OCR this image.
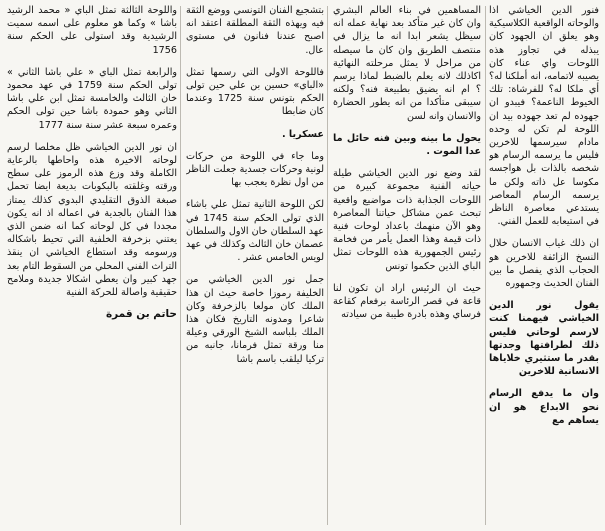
فنور الدين الخياشي اذا والوحاته الواقعية الكلاسيكية وهو يعلق ان الجهود كان يبذله في تجاوز هذه اللوحات واي عناء كان يصيبه لاتمامه، انه أملكنا له؟ أي ملكا له؟ للفرشاة: تلك الخيوط الناعمة؟ فيبدو ان جهوده لم تعد جهوده بيد ان اللوحة لم تكن له وحده مادام سيرسمها للاخرين فليس ما يرسمه الرسام هو شخصه بالذات بل هواجسه مكوسا عل ذاته ولكن ما يرسمه الرسام المعاصر يستدعي معاصرة الناظر في استيعابه للعمل الفني.

ان ذلك غياب الانسان خلال النسخ الزائفة للاخرين هو الحجاب الذي يفصل ما بين الفنان الحديث وجمهوره

يقول نور الدين الخياشي فيهمنا كنت لارسم لوحاتي فليس ذلك لطرافتها وجدتها بقدر ما ستثيري خلاياها الانسانية للاخرين

وان ما يدفع الرسام نحو الابداع هو ان يساهم مع

المساهمين في بناء العالم البشري وان كان غير متأكد بعد نهاية عمله انه سيظل يشعر ابدا انه ما يزال في منتصف الطريق وان كان ما سيصله من مراحل لا يمثل مرحلته النهائية اكاذلك لانه يعلم بالضبط لماذا يرسم ؟ ام انه يضيق بطبيعة فنه؟ ولكنه سيبقى متأكدا من انه يطور الحضارة والانسان وانه لسن

يحول ما بينه وبين فنه حائل ما عدا الموت .

لقد وضع نور الدين الخياشي طيلة حياته الفنية مجموعة كبيرة من اللوحات الجذابة ذات مواضيع واقعية تبحث عمن مشاكل حياتنا المعاصرة وهو الآن منهمك باعداد لوحات فنية ذات قيمة وهذا العمل يأمر من فخامة رئيس الجمهورية هذه اللوحات تمثل الباي الذين حكموا تونس

حيث ان الرئيس اراد ان تكون لنا قاعة في قصر الرئاسة برفعام كقاعة فرساي وهذه بادرة طيبة من سيادته

بتشجيع الفنان التونسي ووضع الثقة فيه ويهذه الثقة المطلقة اعتقد انه اصبح عندنا فنانون في مستوى عال.

فاللوحة الاولى التي رسمها تمثل «الباي» حسين بن علي حين تولى الحكم بتونس سنة 1725 وعندما كان ضابطا

عسكريا .

وما جاء في اللوحة من حركات لونية وحركات جسدية جعلت الناظر من اول نظرة يعجب بها

لكن اللوحة الثانية تمثل علي باشاء الذي تولى الحكم سنة 1745 في عهد السلطان خان الاول والسلطان عصمان خان الثالث وكذلك في عهد لويس الخامس عشر .

جمل نور الدين الخياشي من الخليفة رموزا خاصة حيث ان هذا الملك كان مولعا بالزخرفة وكان شاعرا ومدونه التاريخ فكان هذا الملك بلباسه الشيخ الورقي وعيلة منا ورقة تمثل فرمانا، جانبه من تركيا ليلقب باسم باشا

واللوحة الثالثة تمثل الباي « محمد الرشيد باشا » وكما هو معلوم على اسمه سميت الرشيدية وقد استولى على الحكم سنة 1756

والرابعة تمثل الباي « علي باشا الثاني » تولى الحكم سنة 1759 في عهد محمود خان الثالث والخامسة تمثل ابن علي باشا الثاني وهو حمودة باشا حين تولى الحكم وعمره سبعة عشر سنة سنة 1777

ان نور الدين الخياشي ظل مخلصا لرسم لوحاته الاخيرة هذه واحاطها بالرعاية الكاملة وقد وزع هذه الرموز على سطح ورقته وغلقته بالبكوبات بديعة ايضا تحمل صبغة الذوق التقليدي البدوي كذلك يمتاز هذا الفنان بالجدية في اعماله اذ انه يكون مجددا في كل لوحاته كما انه ضمن الذي يعتني بزخرفة الخلفية التي تحيط باشكاله ورسومه وقد استطاع الخياشي ان ينقذ التراث الفني المحلي من السقوط التام بعد جهد كبير وان يعطي اشكالا جديدة وملامح حقيقية واصالة للحركة الفنية

حاتم بن قمرة
